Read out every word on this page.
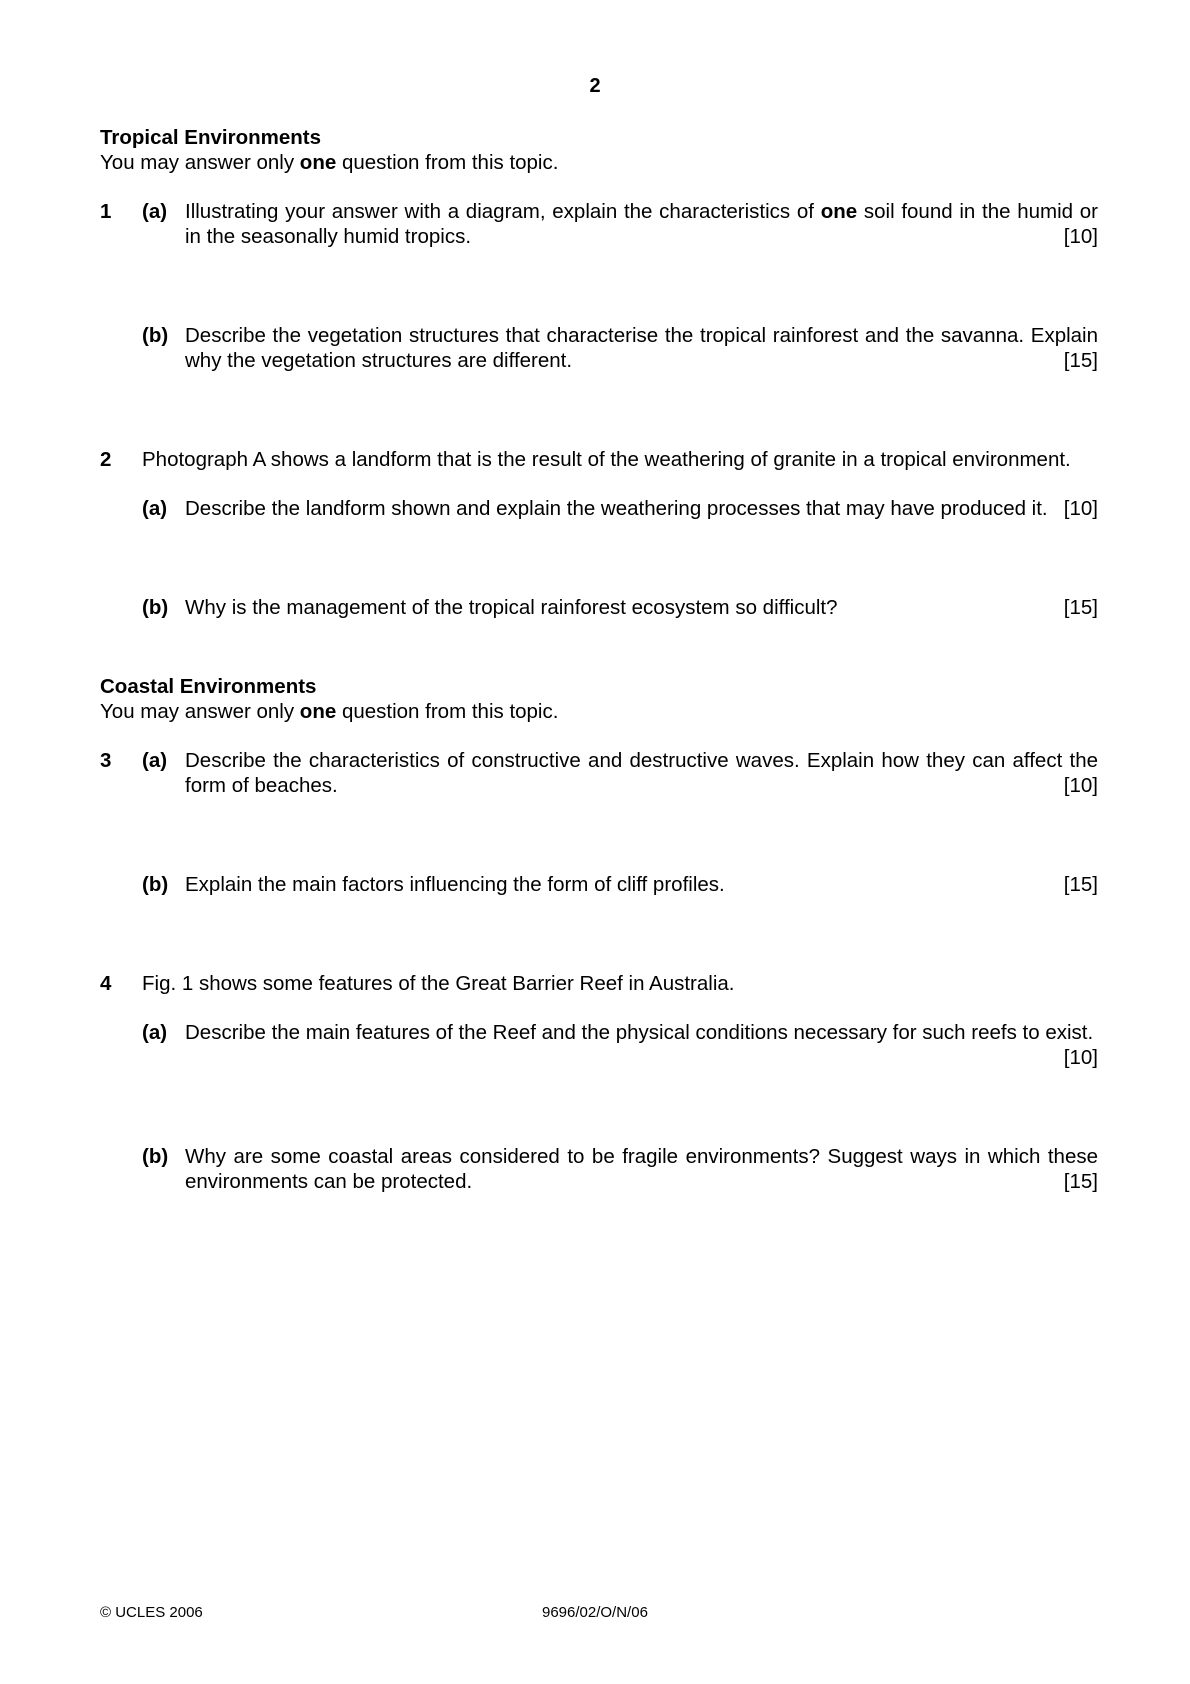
2

Tropical Environments

You may answer only one question from this topic.

1	(a) Illustrating your answer with a diagram, explain the characteristics of one soil found in the humid or in the seasonally humid tropics.	[10]
(b) Describe the vegetation structures that characterise the tropical rainforest and the savanna. Explain why the vegetation structures are different.	[15]
2	Photograph A shows a landform that is the result of the weathering of granite in a tropical environment.
(a) Describe the landform shown and explain the weathering processes that may have produced it. [10]
(b) Why is the management of the tropical rainforest ecosystem so difficult?	[15]

Coastal Environments

You may answer only one question from this topic.

3	(a) Describe the characteristics of constructive and destructive waves. Explain how they can affect the form of beaches.	[10]
(b) Explain the main factors influencing the form of cliff profiles.	[15]
4	Fig. 1 shows some features of the Great Barrier Reef in Australia.
(a) Describe the main features of the Reef and the physical conditions necessary for such reefs to exist.
[10]
(b) Why are some coastal areas considered to be fragile environments? Suggest ways in which these environments can be protected.	[15]
© UCLES 2006	9696/02/O/N/06
